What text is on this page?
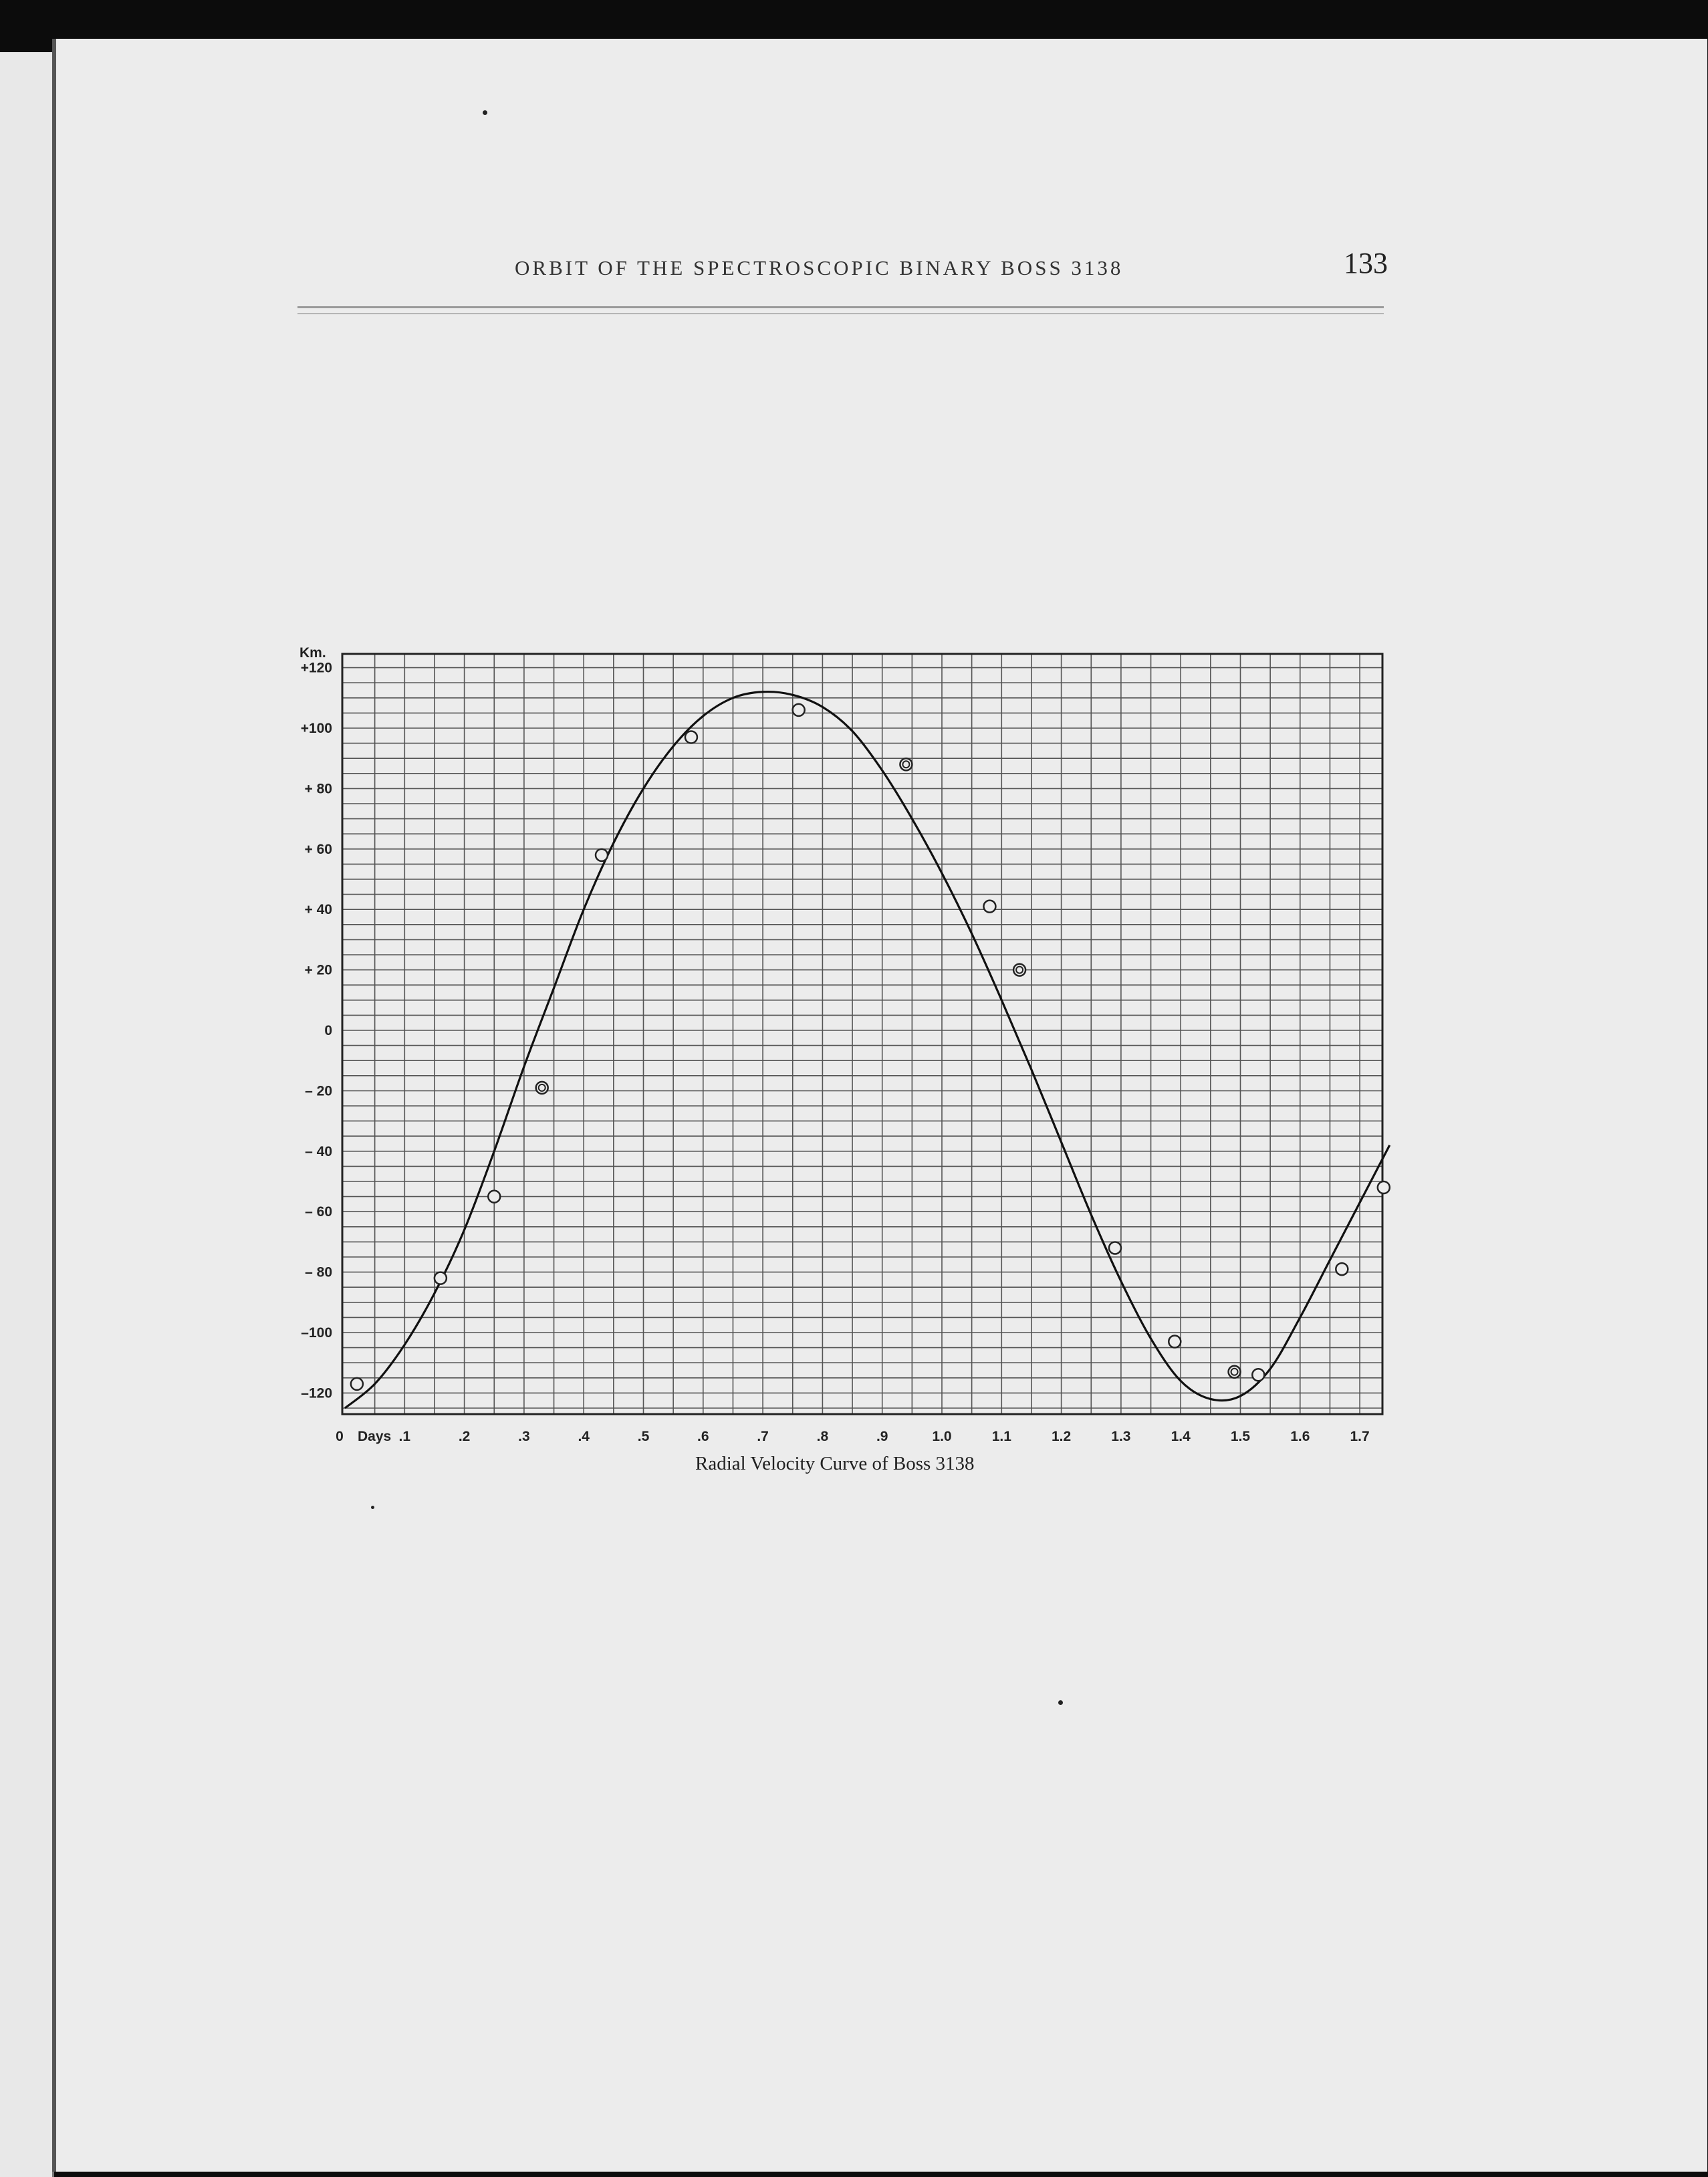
ORBIT OF THE SPECTROSCOPIC BINARY BOSS 3138	133
0	.1	.2	.3	.4	.5	.6	.7	.8	.9	1.0	1.1	1.2	1.3	1.4	1.5	1.6	1.7
Days
+120
+100
+ 80
+ 60
+ 40
+ 20
0
– 20
– 40
– 60
– 80
–100
–120
Km.
Radial Velocity Curve of Boss 3138
